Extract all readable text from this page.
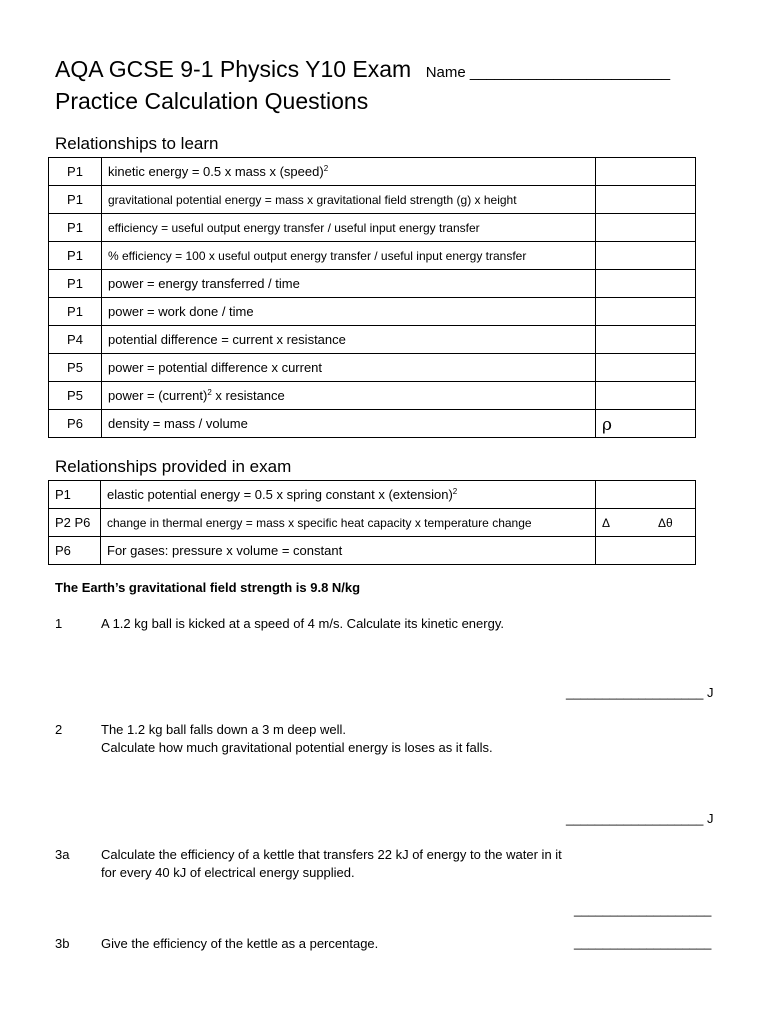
AQA GCSE 9-1 Physics Y10 Exam Name ________________________
Practice Calculation Questions
Relationships to learn
P1	kinetic energy = 0.5 x mass x (speed)$^2$	
P1	gravitational potential energy = mass x gravitational field strength (g) x height	
P1	efficiency = useful output energy transfer / useful input energy transfer	
P1	% efficiency = 100 x useful output energy transfer / useful input energy transfer	
P1	power = energy transferred / time	
P1	power = work done / time	
P4	potential difference = current x resistance	
P5	power = potential difference x current	
P5	power = (current)$^2$ x resistance	
P6	density = mass / volume	ρ
Relationships provided in exam
P1	elastic potential energy = 0.5 x spring constant x (extension)$^2$	
P2 P6	change in thermal energy = mass x specific heat capacity x temperature change	Δ Δθ

P6	For gases: pressure x volume = constant	
The Earth’s gravitational field strength is 9.8 N/kg
1	A 1.2 kg ball is kicked at a speed of 4 m/s. Calculate its kinetic energy.
___________________ J
2	The 1.2 kg ball falls down a 3 m deep well.
Calculate how much gravitational potential energy is loses as it falls.
___________________ J
3a Calculate the efficiency of a kettle that transfers 22 kJ of energy to the water in it
for every 40 kJ of electrical energy supplied.
___________________
3b Give the efficiency of the kettle as a percentage.	___________________
